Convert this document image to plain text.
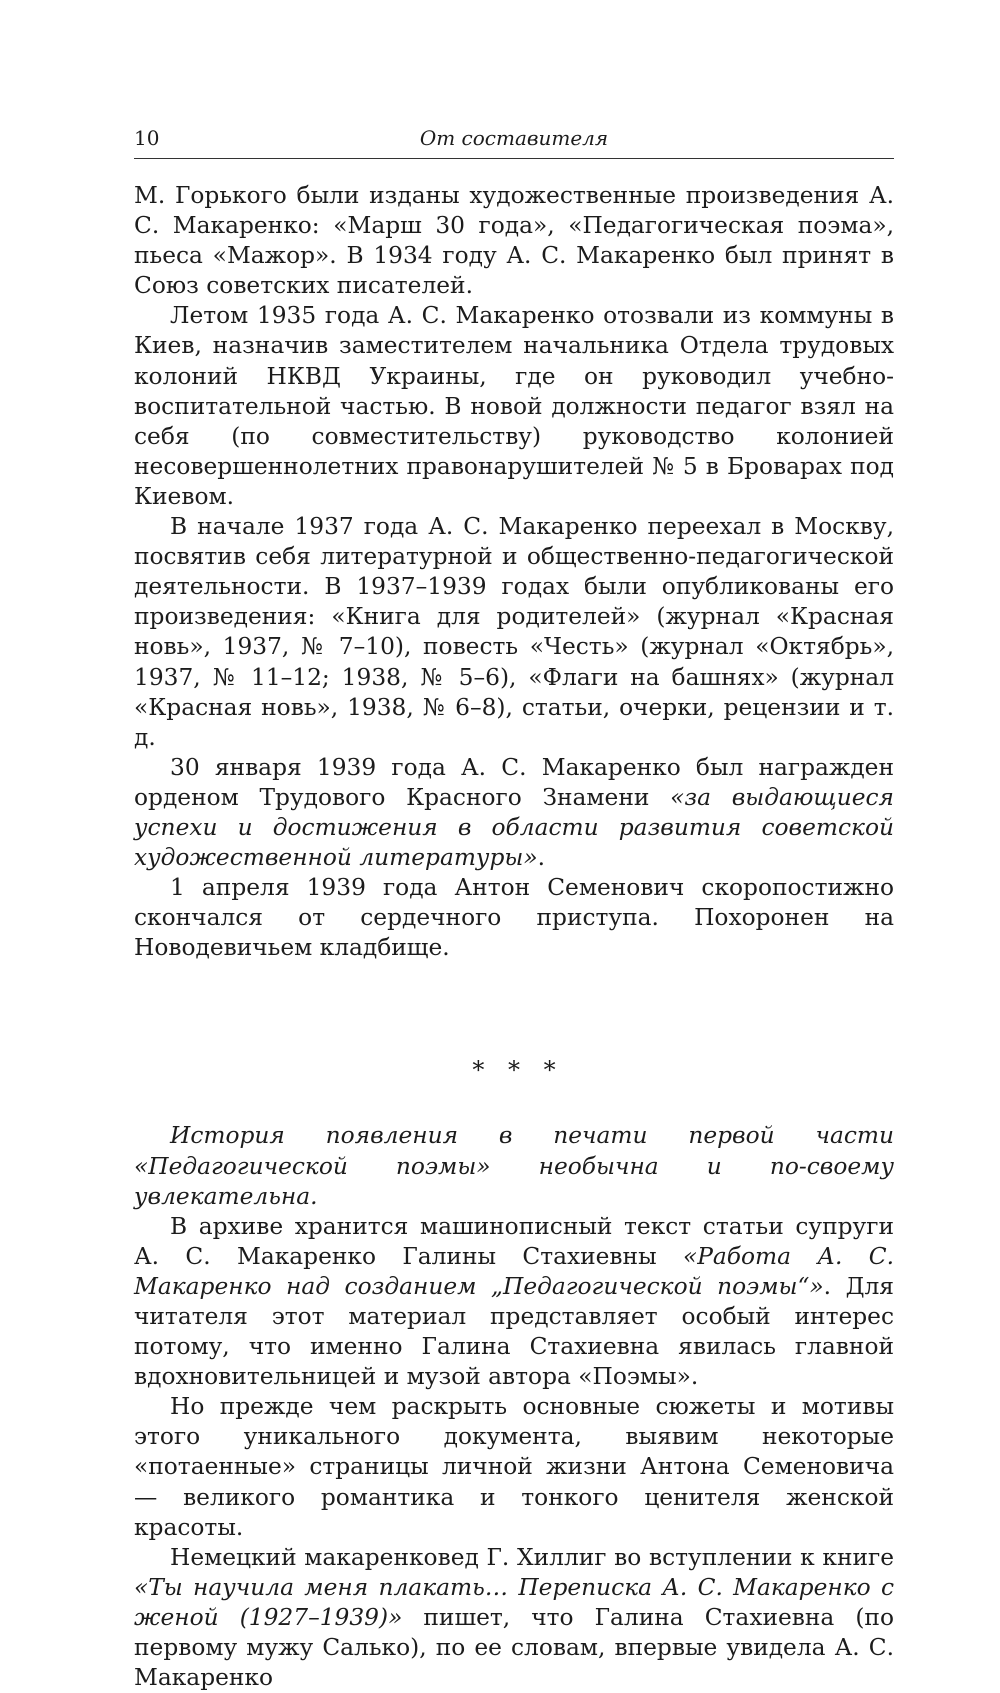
10	От составителя

М. Горького были изданы художественные произведения А. С. Макаренко: «Марш 30 года», «Педагогическая поэма», пьеса «Мажор». В 1934 году А. С. Макаренко был принят в Союз советских писателей.

Летом 1935 года А. С. Макаренко отозвали из коммуны в Киев, назначив заместителем начальника Отдела трудовых колоний НКВД Украины, где он руководил учебно-воспитательной частью. В новой должности педагог взял на себя (по совместительству) руководство колонией несовершеннолетних правонарушителей № 5 в Броварах под Киевом.

В начале 1937 года А. С. Макаренко переехал в Москву, посвятив себя литературной и общественно-педагогической деятельности. В 1937–1939 годах были опубликованы его произведения: «Книга для родителей» (журнал «Красная новь», 1937, № 7–10), повесть «Честь» (журнал «Октябрь», 1937, № 11–12; 1938, № 5–6), «Флаги на башнях» (журнал «Красная новь», 1938, № 6–8), статьи, очерки, рецензии и т. д.

30 января 1939 года А. С. Макаренко был награжден орденом Трудового Красного Знамени «за выдающиеся успехи и достижения в области развития советской художественной литературы».

1 апреля 1939 года Антон Семенович скоропостижно скончался от сердечного приступа. Похоронен на Новодевичьем кладбище.

* * *

История появления в печати первой части «Педагогической поэмы» необычна и по-своему увлекательна.

В архиве хранится машинописный текст статьи супруги А. С. Макаренко Галины Стахиевны «Работа А. С. Макаренко над созданием „Педагогической поэмы“». Для читателя этот материал представляет особый интерес потому, что именно Галина Стахиевна явилась главной вдохновительницей и музой автора «Поэмы».

Но прежде чем раскрыть основные сюжеты и мотивы этого уникального документа, выявим некоторые «потаенные» страницы личной жизни Антона Семеновича — великого романтика и тонкого ценителя женской красоты.

Немецкий макаренковед Г. Хиллиг во вступлении к книге «Ты научила меня плакать… Переписка А. С. Макаренко с женой (1927–1939)» пишет, что Галина Стахиевна (по первому мужу Салько), по ее словам, впервые увидела А. С. Макаренко
